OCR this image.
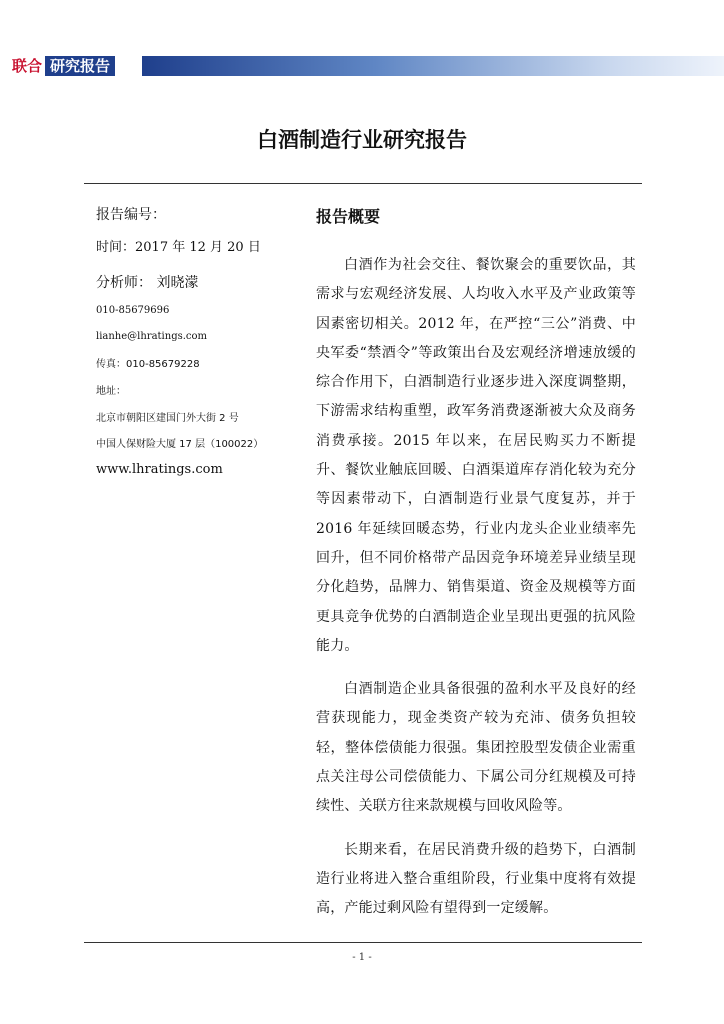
联合 研究报告
白酒制造行业研究报告
报告编号：
时间：2017 年 12 月 20 日
分析师： 刘晓濛
010-85679696
lianhe@lhratings.com
传真：010-85679228
地址：
北京市朝阳区建国门外大街 2 号
中国人保财险大厦 17 层（100022）
www.lhratings.com
报告概要

白酒作为社会交往、餐饮聚会的重要饮品，其需求与宏观经济发展、人均收入水平及产业政策等因素密切相关。2012 年，在严控“三公”消费、中央军委“禁酒令”等政策出台及宏观经济增速放缓的综合作用下，白酒制造行业逐步进入深度调整期，下游需求结构重塑，政军务消费逐渐被大众及商务消费承接。2015 年以来，在居民购买力不断提升、餐饮业触底回暖、白酒渠道库存消化较为充分等因素带动下，白酒制造行业景气度复苏，并于 2016 年延续回暖态势，行业内龙头企业业绩率先回升，但不同价格带产品因竞争环境差异业绩呈现分化趋势，品牌力、销售渠道、资金及规模等方面更具竞争优势的白酒制造企业呈现出更强的抗风险能力。

白酒制造企业具备很强的盈利水平及良好的经营获现能力，现金类资产较为充沛、债务负担较轻，整体偿债能力很强。集团控股型发债企业需重点关注母公司偿债能力、下属公司分红规模及可持续性、关联方往来款规模与回收风险等。

长期来看，在居民消费升级的趋势下，白酒制造行业将进入整合重组阶段，行业集中度将有效提高，产能过剩风险有望得到一定缓解。

- 1 -
